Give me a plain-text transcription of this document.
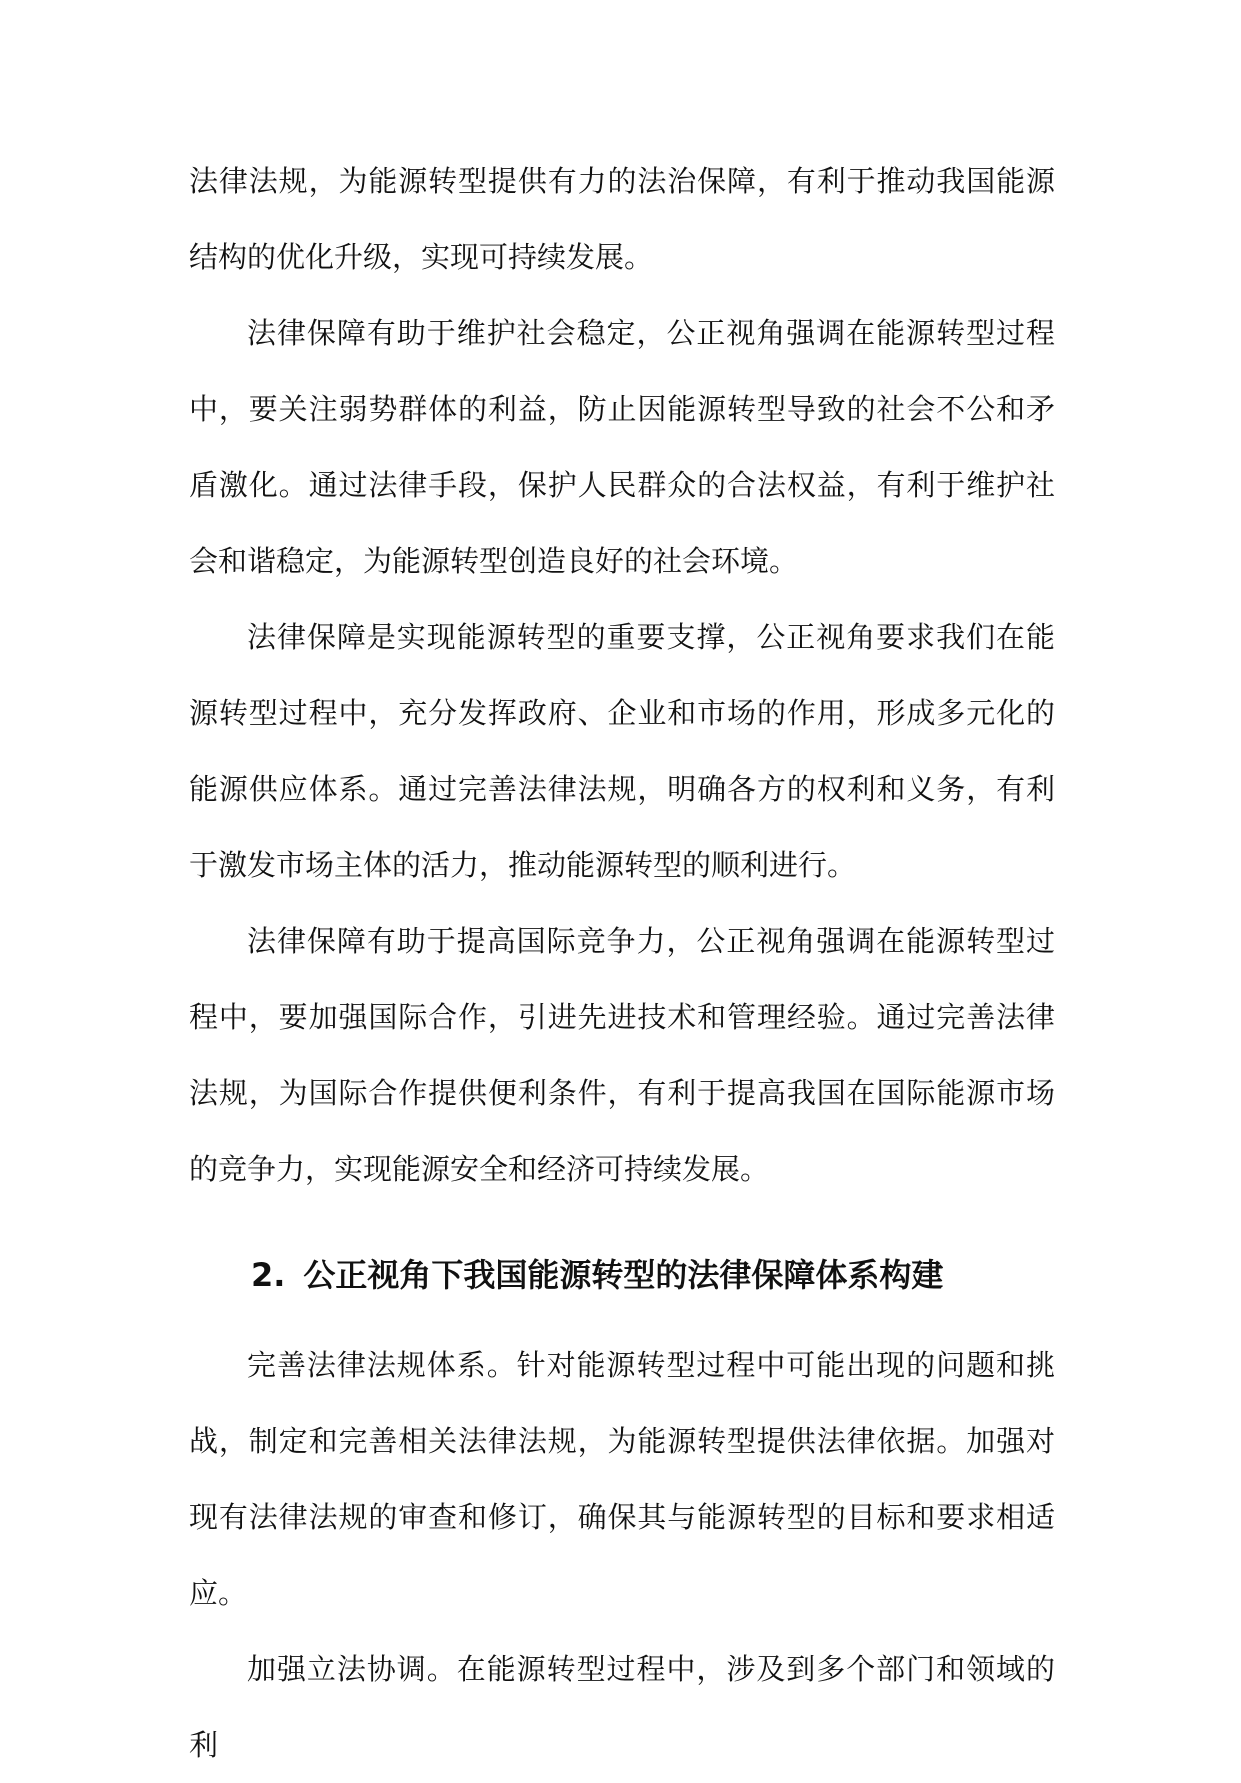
法律法规，为能源转型提供有力的法治保障，有利于推动我国能源结构的优化升级，实现可持续发展。

法律保障有助于维护社会稳定，公正视角强调在能源转型过程中，要关注弱势群体的利益，防止因能源转型导致的社会不公和矛盾激化。通过法律手段，保护人民群众的合法权益，有利于维护社会和谐稳定，为能源转型创造良好的社会环境。

法律保障是实现能源转型的重要支撑，公正视角要求我们在能源转型过程中，充分发挥政府、企业和市场的作用，形成多元化的能源供应体系。通过完善法律法规，明确各方的权利和义务，有利于激发市场主体的活力，推动能源转型的顺利进行。

法律保障有助于提高国际竞争力，公正视角强调在能源转型过程中，要加强国际合作，引进先进技术和管理经验。通过完善法律法规，为国际合作提供便利条件，有利于提高我国在国际能源市场的竞争力，实现能源安全和经济可持续发展。

2. 公正视角下我国能源转型的法律保障体系构建

完善法律法规体系。针对能源转型过程中可能出现的问题和挑战，制定和完善相关法律法规，为能源转型提供法律依据。加强对现有法律法规的审查和修订，确保其与能源转型的目标和要求相适应。

加强立法协调。在能源转型过程中，涉及到多个部门和领域的利
